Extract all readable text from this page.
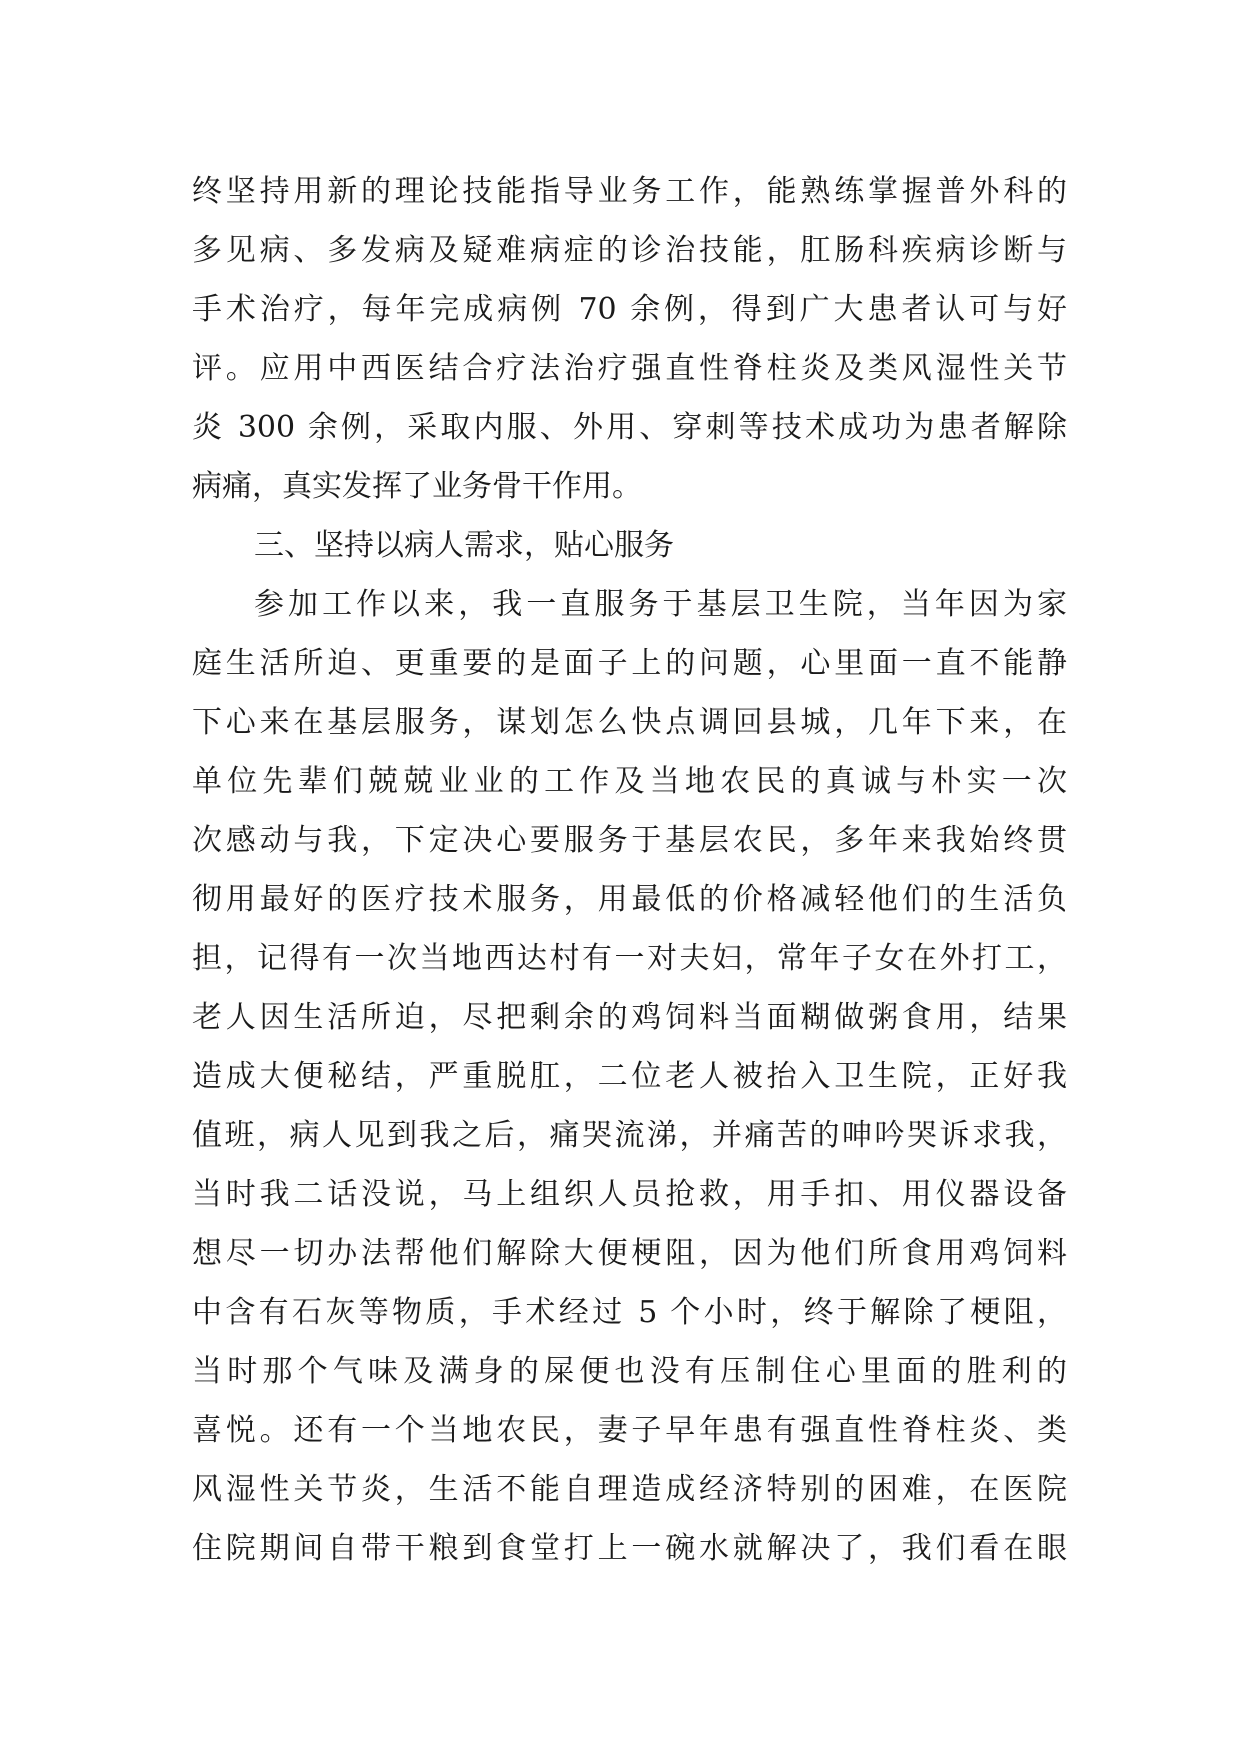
终坚持用新的理论技能指导业务工作，能熟练掌握普外科的
多见病、多发病及疑难病症的诊治技能，肛肠科疾病诊断与
手术治疗，每年完成病例 70 余例，得到广大患者认可与好
评。应用中西医结合疗法治疗强直性脊柱炎及类风湿性关节
炎 300 余例，采取内服、外用、穿刺等技术成功为患者解除
病痛，真实发挥了业务骨干作用。
三、坚持以病人需求，贴心服务
参加工作以来，我一直服务于基层卫生院，当年因为家
庭生活所迫、更重要的是面子上的问题，心里面一直不能静
下心来在基层服务，谋划怎么快点调回县城，几年下来，在
单位先辈们兢兢业业的工作及当地农民的真诚与朴实一次
次感动与我，下定决心要服务于基层农民，多年来我始终贯
彻用最好的医疗技术服务，用最低的价格减轻他们的生活负
担，记得有一次当地西达村有一对夫妇，常年子女在外打工，
老人因生活所迫，尽把剩余的鸡饲料当面糊做粥食用，结果
造成大便秘结，严重脱肛，二位老人被抬入卫生院，正好我
值班，病人见到我之后，痛哭流涕，并痛苦的呻吟哭诉求我，
当时我二话没说，马上组织人员抢救，用手扣、用仪器设备
想尽一切办法帮他们解除大便梗阻，因为他们所食用鸡饲料
中含有石灰等物质，手术经过 5 个小时，终于解除了梗阻，
当时那个气味及满身的屎便也没有压制住心里面的胜利的
喜悦。还有一个当地农民，妻子早年患有强直性脊柱炎、类
风湿性关节炎，生活不能自理造成经济特别的困难，在医院
住院期间自带干粮到食堂打上一碗水就解决了，我们看在眼
